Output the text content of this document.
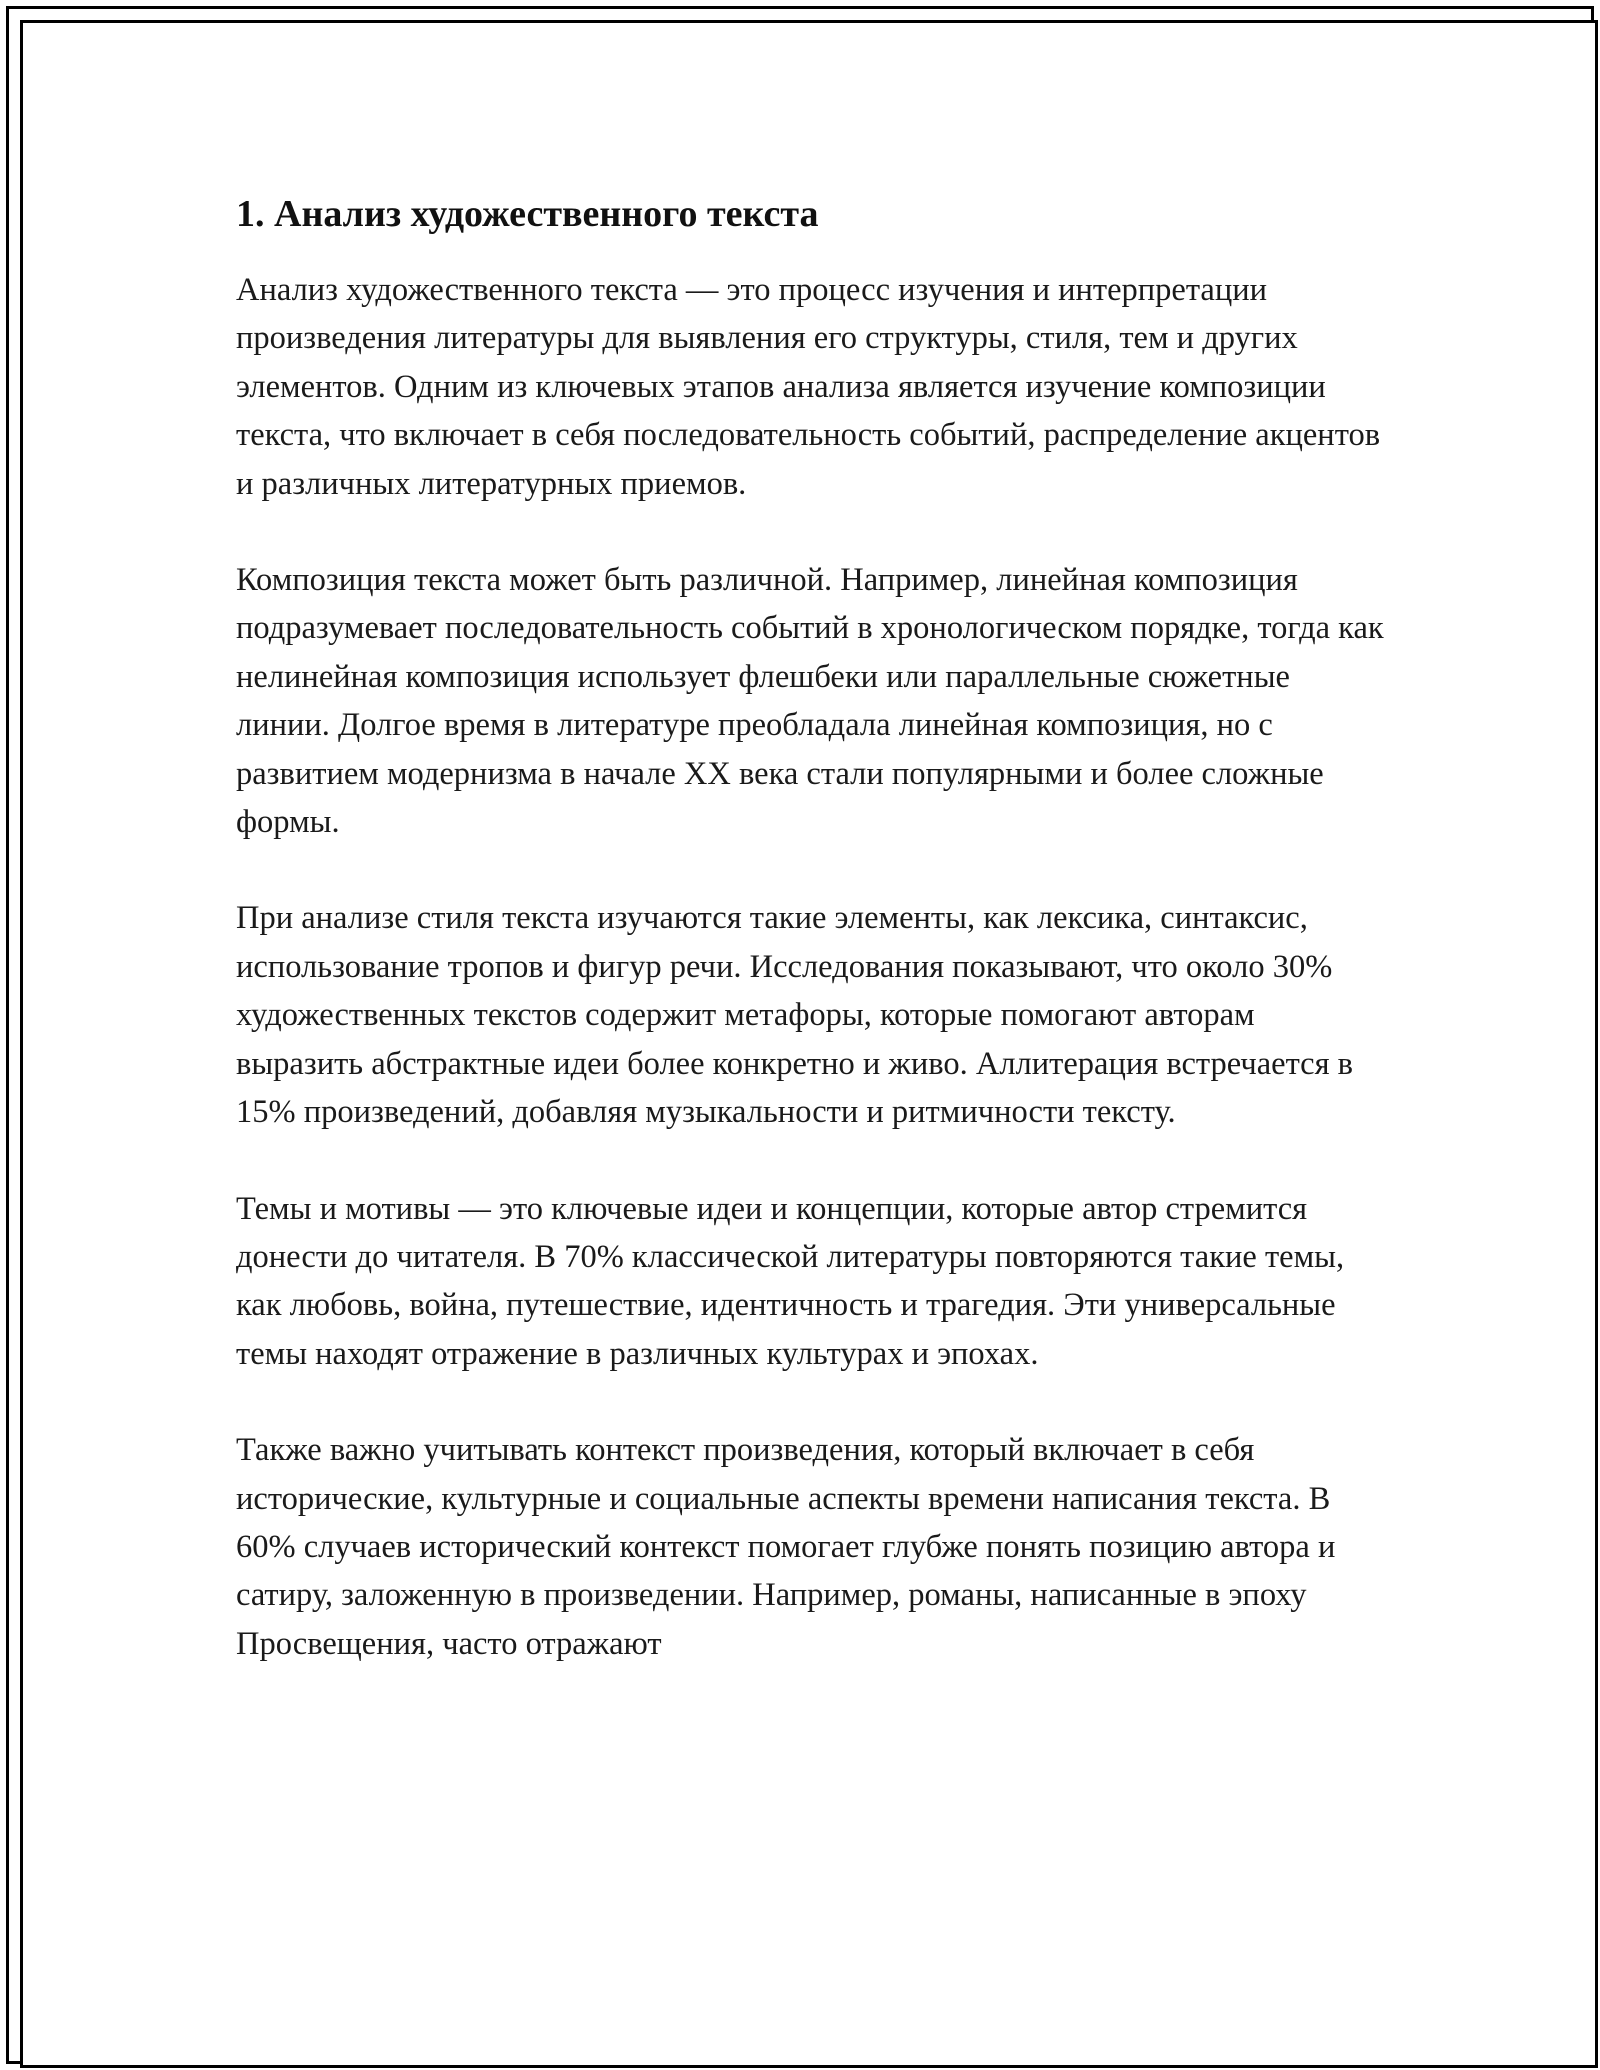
1. Анализ художественного текста

Анализ художественного текста — это процесс изучения и интерпретации произведения литературы для выявления его структуры, стиля, тем и других элементов. Одним из ключевых этапов анализа является изучение композиции текста, что включает в себя последовательность событий, распределение акцентов и различных литературных приемов.

Композиция текста может быть различной. Например, линейная композиция подразумевает последовательность событий в хронологическом порядке, тогда как нелинейная композиция использует флешбеки или параллельные сюжетные линии. Долгое время в литературе преобладала линейная композиция, но с развитием модернизма в начале XX века стали популярными и более сложные формы.

При анализе стиля текста изучаются такие элементы, как лексика, синтаксис, использование тропов и фигур речи. Исследования показывают, что около 30% художественных текстов содержит метафоры, которые помогают авторам выразить абстрактные идеи более конкретно и живо. Аллитерация встречается в 15% произведений, добавляя музыкальности и ритмичности тексту.

Темы и мотивы — это ключевые идеи и концепции, которые автор стремится донести до читателя. В 70% классической литературы повторяются такие темы, как любовь, война, путешествие, идентичность и трагедия. Эти универсальные темы находят отражение в различных культурах и эпохах.

Также важно учитывать контекст произведения, который включает в себя исторические, культурные и социальные аспекты времени написания текста. В 60% случаев исторический контекст помогает глубже понять позицию автора и сатиру, заложенную в произведении. Например, романы, написанные в эпоху Просвещения, часто отражают
